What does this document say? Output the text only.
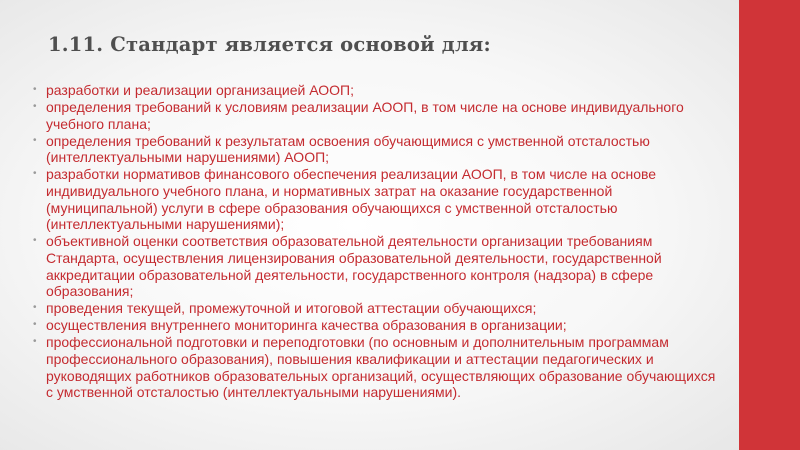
1.11. Стандарт является основой для:
• разработки и реализации организацией АООП;
• определения требований к условиям реализации АООП, в том числе на основе индивидуального учебного плана;
• определения требований к результатам освоения обучающимися с умственной отсталостью (интеллектуальными нарушениями) АООП;
• разработки нормативов финансового обеспечения реализации АООП, в том числе на основе индивидуального учебного плана, и нормативных затрат на оказание государственной (муниципальной) услуги в сфере образования обучающихся с умственной отсталостью (интеллектуальными нарушениями);
• объективной оценки соответствия образовательной деятельности организации требованиям Стандарта, осуществления лицензирования образовательной деятельности, государственной аккредитации образовательной деятельности, государственного контроля (надзора) в сфере образования;
• проведения текущей, промежуточной и итоговой аттестации обучающихся;
• осуществления внутреннего мониторинга качества образования в организации;
• профессиональной подготовки и переподготовки (по основным и дополнительным программам профессионального образования), повышения квалификации и аттестации педагогических и руководящих работников образовательных организаций, осуществляющих образование обучающихся с умственной отсталостью (интеллектуальными нарушениями).
